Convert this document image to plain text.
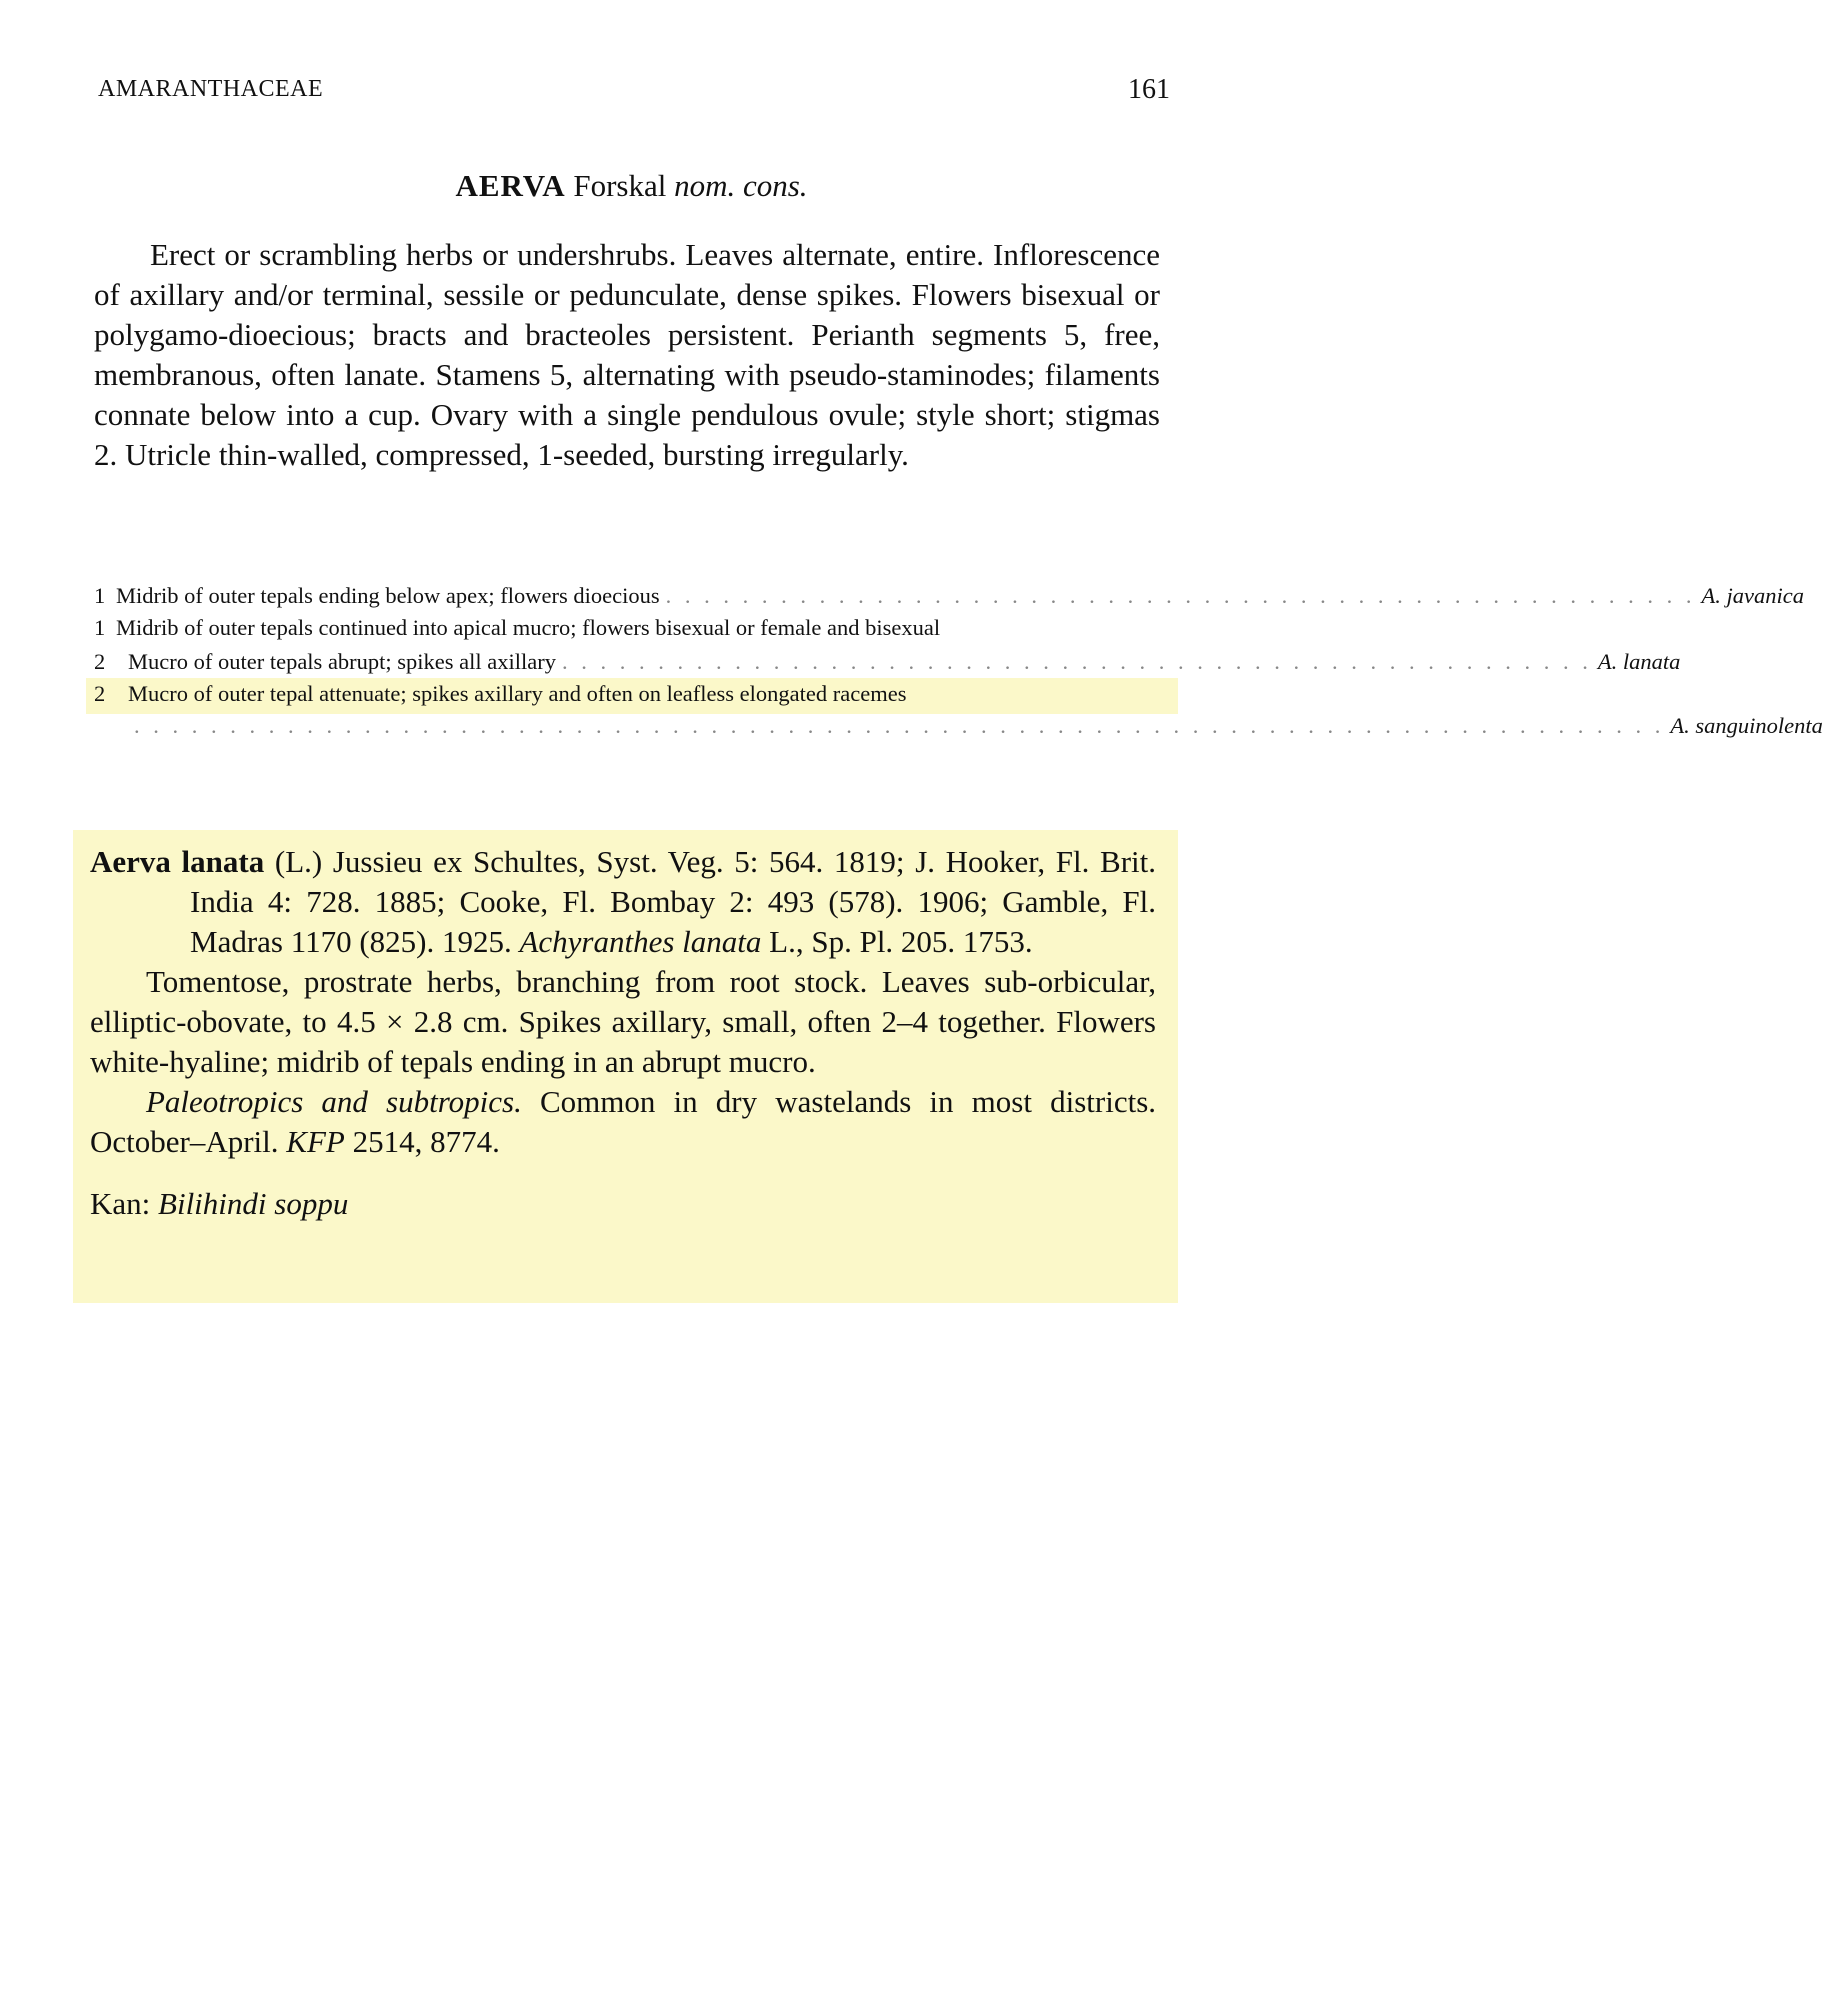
AMARANTHACEAE	161
AERVA Forskal nom. cons.

Erect or scrambling herbs or undershrubs. Leaves alternate, entire. Inflorescence of axillary and/or terminal, sessile or pedunculate, dense spikes. Flowers bisexual or polygamo-dioecious; bracts and bracteoles persistent. Perianth segments 5, free, membranous, often lanate. Stamens 5, alternating with pseudo-staminodes; filaments connate below into a cup. Ovary with a single pendulous ovule; style short; stigmas 2. Utricle thin-walled, compressed, 1-seeded, bursting irregularly.

1 Midrib of outer tepals ending below apex; flowers dioecious . . . . . . . . . . . . . . . . . . . . . . . . . . . . . . . . . . . . . . . . . . . . . . . . . . . . . . A. javanica
1 Midrib of outer tepals continued into apical mucro; flowers bisexual or female and bisexual
2	Mucro of outer tepals abrupt; spikes all axillary . . . . . . . . . . . . . . . . . . . . . . . . . . . . . . . . . . . . . . . . . . . . . . . . . . . . . . A. lanata
2	Mucro of outer tepal attenuate; spikes axillary and often on leafless elongated racemes
. . . . . . . . . . . . . . . . . . . . . . . . . . . . . . . . . . . . . . . . . . . . . . . . . . . . . . . . . . . . . . . . . . . . . . . . . . . . . . . . A. sanguinolenta

Aerva lanata (L.) Jussieu ex Schultes, Syst. Veg. 5: 564. 1819; J. Hooker, Fl. Brit. India 4: 728. 1885; Cooke, Fl. Bombay 2: 493 (578). 1906; Gamble, Fl. Madras 1170 (825). 1925. Achyranthes lanata L., Sp. Pl. 205. 1753.

Tomentose, prostrate herbs, branching from root stock. Leaves sub-orbicular, elliptic-obovate, to 4.5 × 2.8 cm. Spikes axillary, small, often 2–4 together. Flowers white-hyaline; midrib of tepals ending in an abrupt mucro.

Paleotropics and subtropics. Common in dry wastelands in most districts. October–April. KFP 2514, 8774.

Kan: Bilihindi soppu
